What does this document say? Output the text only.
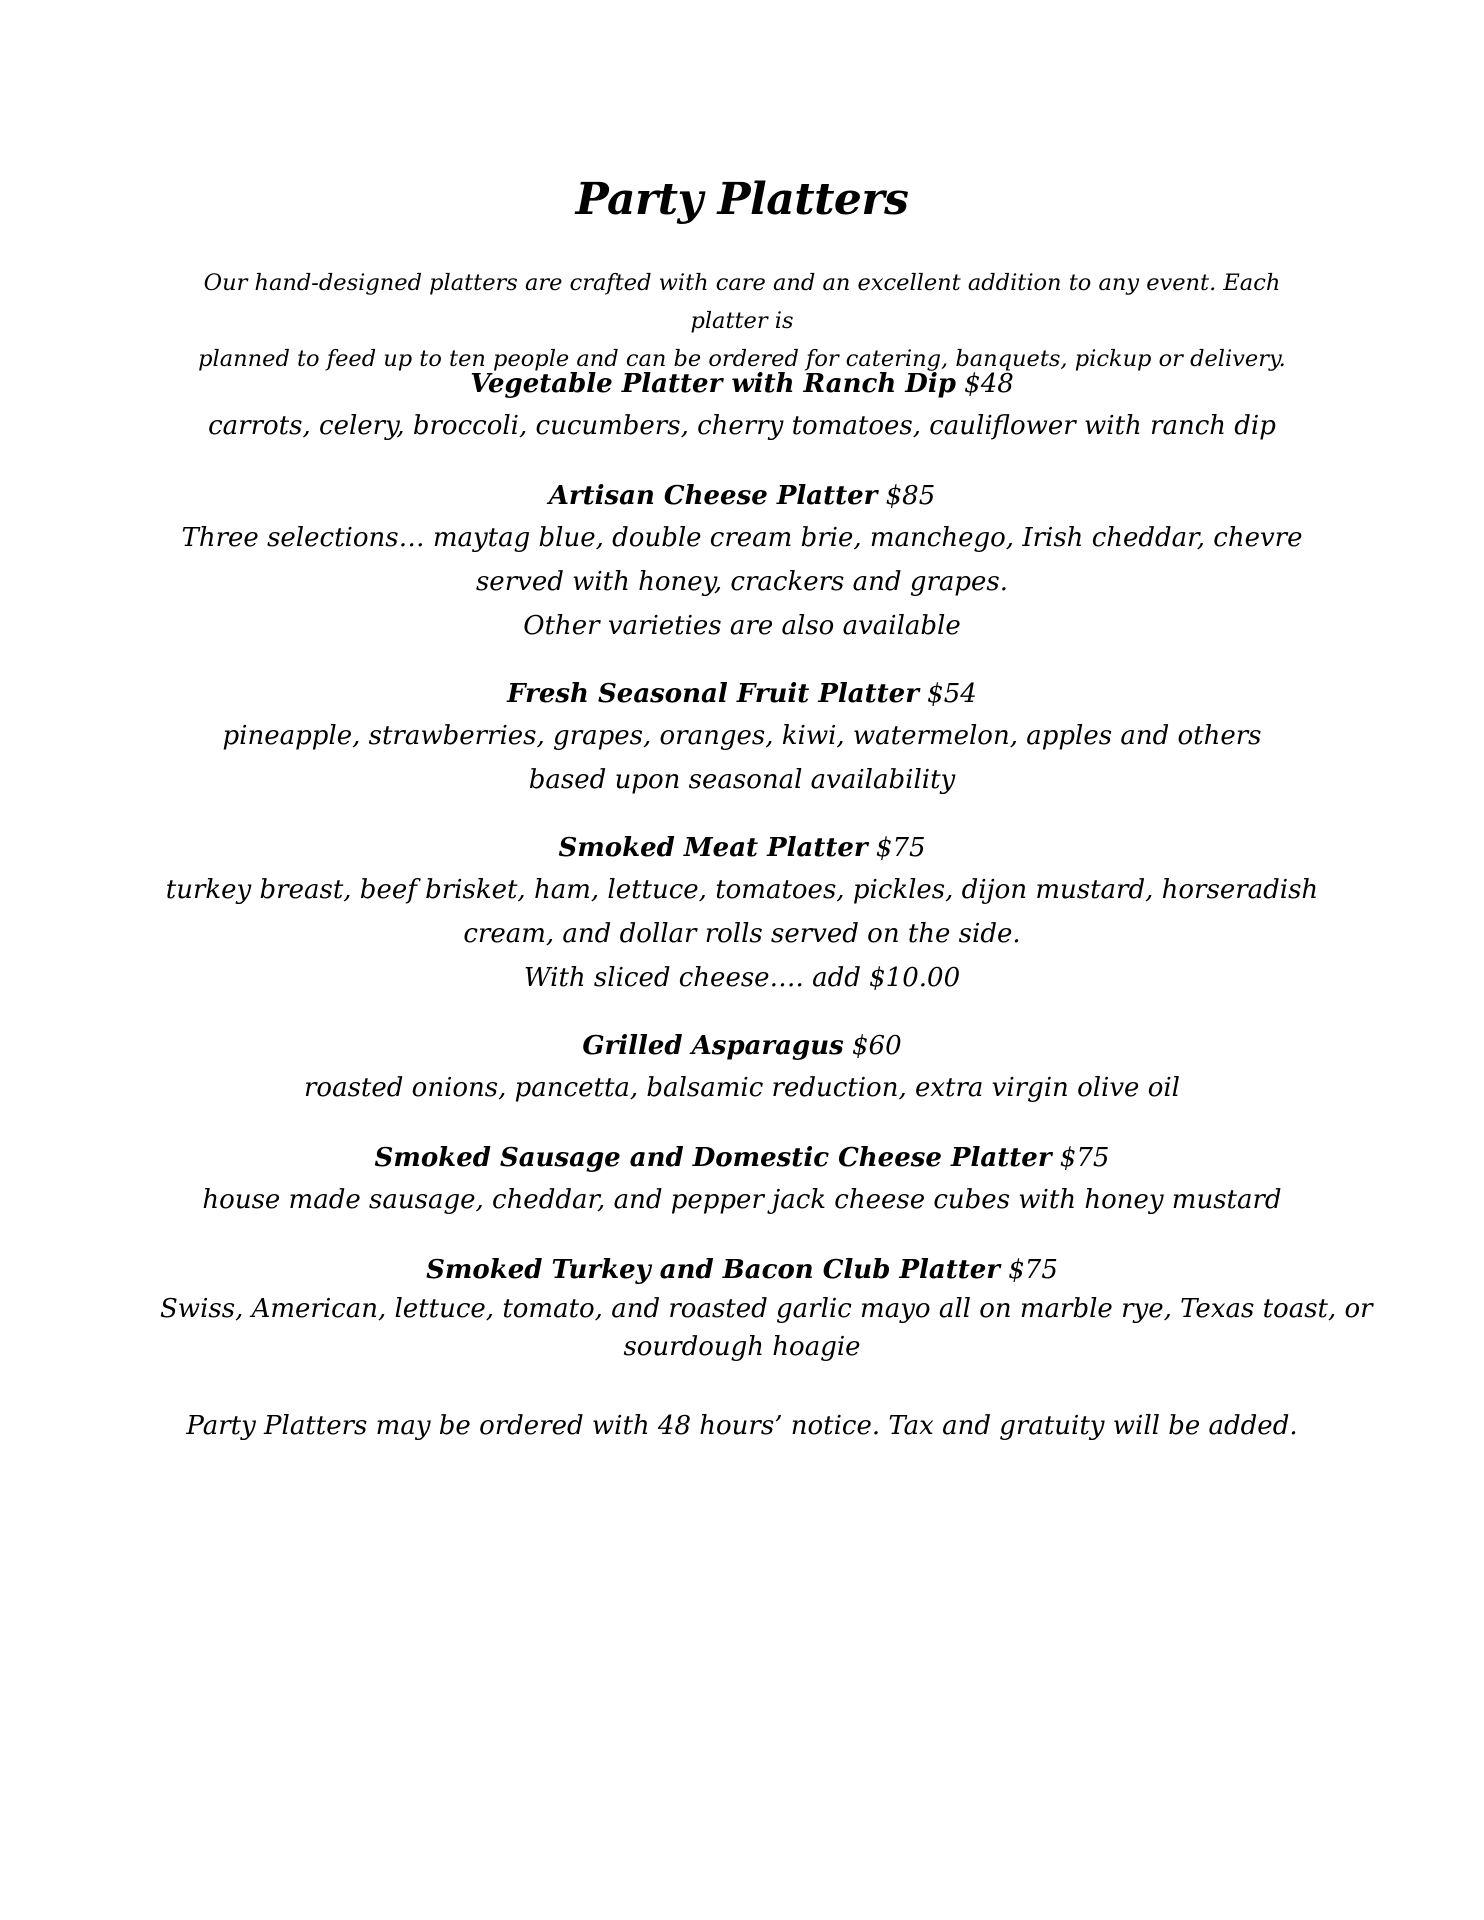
Party Platters
Our hand-designed platters are crafted with care and an excellent addition to any event. Each platter is
planned to feed up to ten people and can be ordered for catering, banquets, pickup or delivery.
Vegetable Platter with Ranch Dip $48
carrots, celery, broccoli, cucumbers, cherry tomatoes, cauliflower with ranch dip
Artisan Cheese Platter $85
Three selections… maytag blue, double cream brie, manchego, Irish cheddar, chevre
served with honey, crackers and grapes.
Other varieties are also available
Fresh Seasonal Fruit Platter $54
pineapple, strawberries, grapes, oranges, kiwi, watermelon, apples and others
based upon seasonal availability
Smoked Meat Platter $75
turkey breast, beef brisket, ham, lettuce, tomatoes, pickles, dijon mustard, horseradish
cream, and dollar rolls served on the side.
With sliced cheese…. add $10.00
Grilled Asparagus $60
roasted onions, pancetta, balsamic reduction, extra virgin olive oil
Smoked Sausage and Domestic Cheese Platter $75
house made sausage, cheddar, and pepper jack cheese cubes with honey mustard
Smoked Turkey and Bacon Club Platter $75
Swiss, American, lettuce, tomato, and roasted garlic mayo all on marble rye, Texas toast, or
sourdough hoagie
Party Platters may be ordered with 48 hours’ notice. Tax and gratuity will be added.
